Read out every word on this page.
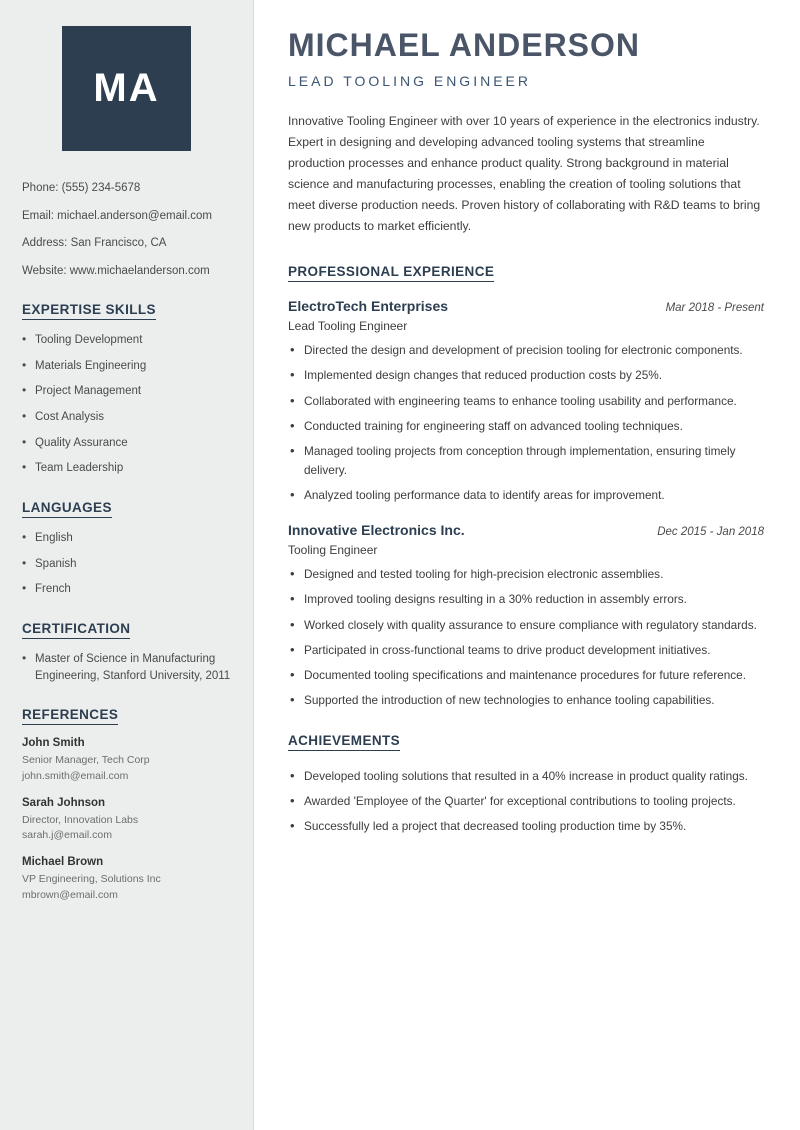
MA
Phone: (555) 234-5678
Email: michael.anderson@email.com
Address: San Francisco, CA
Website: www.michaelanderson.com
EXPERTISE SKILLS
• Tooling Development
• Materials Engineering
• Project Management
• Cost Analysis
• Quality Assurance
• Team Leadership
LANGUAGES
• English
• Spanish
• French
CERTIFICATION
• Master of Science in Manufacturing Engineering, Stanford University, 2011
REFERENCES
John Smith
Senior Manager, Tech Corp
john.smith@email.com
Sarah Johnson
Director, Innovation Labs
sarah.j@email.com
Michael Brown
VP Engineering, Solutions Inc
mbrown@email.com
MICHAEL ANDERSON
LEAD TOOLING ENGINEER

Innovative Tooling Engineer with over 10 years of experience in the electronics industry. Expert in designing and developing advanced tooling systems that streamline production processes and enhance product quality. Strong background in material science and manufacturing processes, enabling the creation of tooling solutions that meet diverse production needs. Proven history of collaborating with R&D teams to bring new products to market efficiently.

PROFESSIONAL EXPERIENCE
ElectroTech Enterprises	Mar 2018 - Present
Lead Tooling Engineer
• Directed the design and development of precision tooling for electronic components.
• Implemented design changes that reduced production costs by 25%.
• Collaborated with engineering teams to enhance tooling usability and performance.
• Conducted training for engineering staff on advanced tooling techniques.
• Managed tooling projects from conception through implementation, ensuring timely delivery.
• Analyzed tooling performance data to identify areas for improvement.
Innovative Electronics Inc.	Dec 2015 - Jan 2018
Tooling Engineer
• Designed and tested tooling for high-precision electronic assemblies.
• Improved tooling designs resulting in a 30% reduction in assembly errors.
• Worked closely with quality assurance to ensure compliance with regulatory standards.
• Participated in cross-functional teams to drive product development initiatives.
• Documented tooling specifications and maintenance procedures for future reference.
• Supported the introduction of new technologies to enhance tooling capabilities.
ACHIEVEMENTS
• Developed tooling solutions that resulted in a 40% increase in product quality ratings.
• Awarded 'Employee of the Quarter' for exceptional contributions to tooling projects.
• Successfully led a project that decreased tooling production time by 35%.
